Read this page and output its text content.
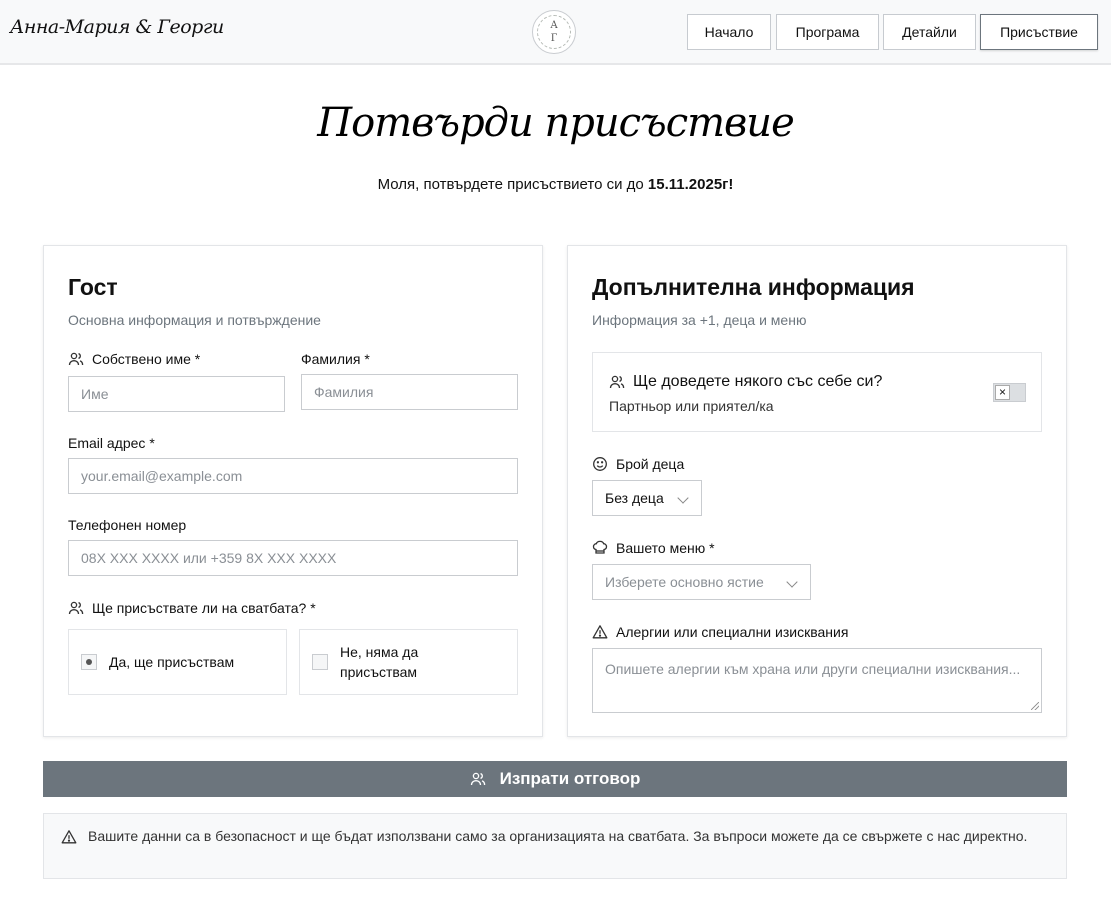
Анна-Мария & Георги	А
Г	Начало	Програма	Детайли	Присъствие
Потвърди присъствие
Моля, потвърдете присъствието си до 15.11.2025г!
Гост
Основна информация и потвърждение
Собствено име *
Име
Фамилия *
Фамилия
Email адрес *
your.email@example.com
Телефонен номер
08X XXX XXXX или +359 8X XXX XXXX
Ще присъствате ли на сватбата? *
Да, ще присъствам
Не, няма да присъствам
Допълнителна информация
Информация за +1, деца и меню
Ще доведете някого със себе си?
Партньор или приятел/ка
×
Брой деца
Без деца
Вашето меню *
Изберете основно ястие
Алергии или специални изисквания
Опишете алергии към храна или други специални изисквания...
Изпрати отговор
Вашите данни са в безопасност и ще бъдат използвани само за организацията на сватбата. За въпроси можете да се свържете с нас директно.
